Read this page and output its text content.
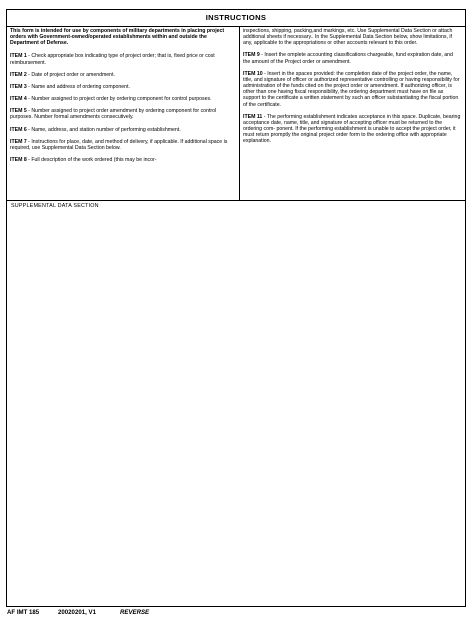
INSTRUCTIONS
This form is intended for use by components of military departments in placing project orders with Government-owned/operated establishments within and outside the Department of Defense.
ITEM 1 - Check appropriate box indicating type of project order; that is, fixed price or cost reimbursement.
ITEM 2 - Date of project order or amendment.
ITEM 3 - Name and address of ordering component.
ITEM 4 - Number assigned to project order by ordering component for control purposes.
ITEM 5 - Number assigned to project order amendment by ordering component for control purposes. Number formal amendments consecutively.
ITEM 6 - Name, address, and station number of performing establishment.
ITEM 7 - Instructions for place, date, and method of delivery, if applicable. If additional space is required, use Supplemental Data Section below.
ITEM 8 - Full description of the work ordered (this may be incor-
inspections, shipping, packing,and markings, etc. Use Supplemental Data Section or attach additional sheets if necessary.. In the Supplemental Data Section below, show limitations, if any, applicable to the appropriations or other accounts relevant to this order.
ITEM 9 - Insert the omplete accounting classifications chargeable, fund expiration date, and the amount of the Project order or amendment.
ITEM 10 - Insert in the spaces provided: the completion date of the project order, the name, title, and signature of officer or authorized representative controlling or having responsibility for administration of the funds cited on the project order or amendment. If authorizing officer, is other than one having fiscal responsibility, the ordering department must have on file as support to the certificate a written statement by such an officer substantiating the fiscal portion of the certificate.
ITEM 11 - The performing establishment indicates acceptance in this space. Duplicate, bearing acceptance date, name, title, and signature of accepting officer must be returned to the ordering com- ponent. If the performing establishment is unable to accept the project order, it must return promptly the original project order form to the ordering office with appropriate explanation.
SUPPLEMENTAL DATA SECTION
AF IMT 185	20020201, V1	REVERSE
